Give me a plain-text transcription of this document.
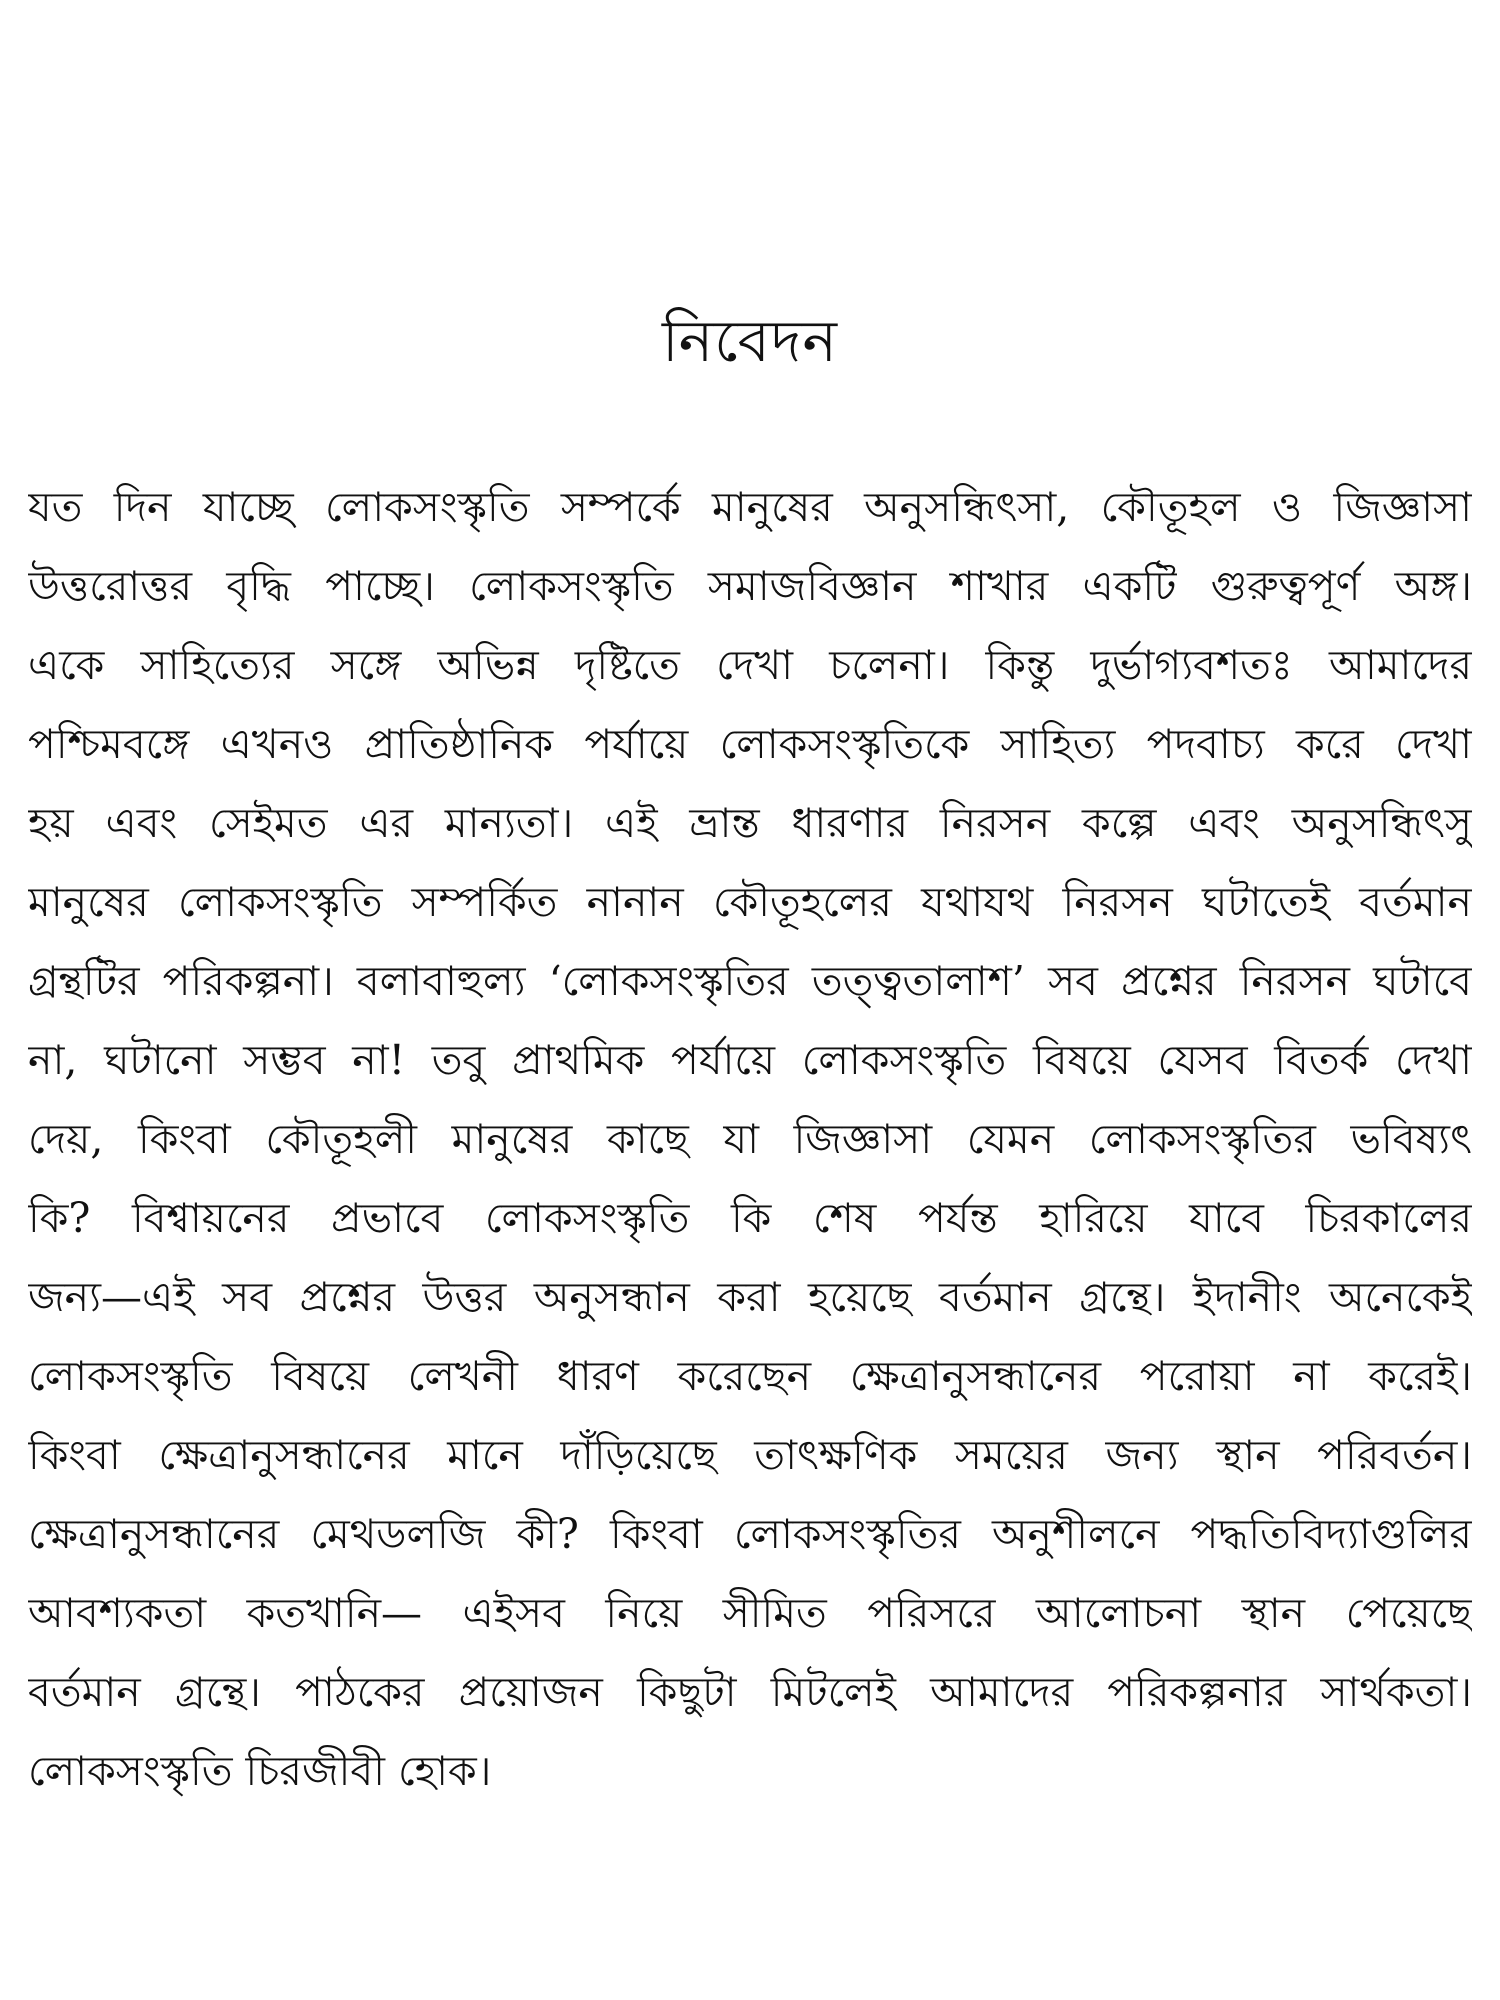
নিবেদন
যত দিন যাচ্ছে লোকসংস্কৃতি সম্পর্কে মানুষের অনুসন্ধিৎসা, কৌতূহল ও জিজ্ঞাসা
উত্তরোত্তর বৃদ্ধি পাচ্ছে। লোকসংস্কৃতি সমাজবিজ্ঞান শাখার একটি গুরুত্বপূর্ণ অঙ্গ।
একে সাহিত্যের সঙ্গে অভিন্ন দৃষ্টিতে দেখা চলেনা। কিন্তু দুর্ভাগ্যবশতঃ আমাদের
পশ্চিমবঙ্গে এখনও প্রাতিষ্ঠানিক পর্যায়ে লোকসংস্কৃতিকে সাহিত্য পদবাচ্য করে দেখা
হয় এবং সেইমত এর মান্যতা। এই ভ্রান্ত ধারণার নিরসন কল্পে এবং অনুসন্ধিৎসু
মানুষের লোকসংস্কৃতি সম্পর্কিত নানান কৌতূহলের যথাযথ নিরসন ঘটাতেই বর্তমান
গ্রন্থটির পরিকল্পনা। বলাবাহুল্য ‘লোকসংস্কৃতির তত্ত্বতালাশ’ সব প্রশ্নের নিরসন ঘটাবে
না, ঘটানো সম্ভব না! তবু প্রাথমিক পর্যায়ে লোকসংস্কৃতি বিষয়ে যেসব বিতর্ক দেখা
দেয়, কিংবা কৌতূহলী মানুষের কাছে যা জিজ্ঞাসা যেমন লোকসংস্কৃতির ভবিষ্যৎ
কি? বিশ্বায়নের প্রভাবে লোকসংস্কৃতি কি শেষ পর্যন্ত হারিয়ে যাবে চিরকালের
জন্য—এই সব প্রশ্নের উত্তর অনুসন্ধান করা হয়েছে বর্তমান গ্রন্থে। ইদানীং অনেকেই
লোকসংস্কৃতি বিষয়ে লেখনী ধারণ করেছেন ক্ষেত্রানুসন্ধানের পরোয়া না করেই।
কিংবা ক্ষেত্রানুসন্ধানের মানে দাঁড়িয়েছে তাৎক্ষণিক সময়ের জন্য স্থান পরিবর্তন।
ক্ষেত্রানুসন্ধানের মেথডলজি কী? কিংবা লোকসংস্কৃতির অনুশীলনে পদ্ধতিবিদ্যাগুলির
আবশ্যকতা কতখানি— এইসব নিয়ে সীমিত পরিসরে আলোচনা স্থান পেয়েছে
বর্তমান গ্রন্থে। পাঠকের প্রয়োজন কিছুটা মিটলেই আমাদের পরিকল্পনার সার্থকতা।
লোকসংস্কৃতি চিরজীবী হোক।
